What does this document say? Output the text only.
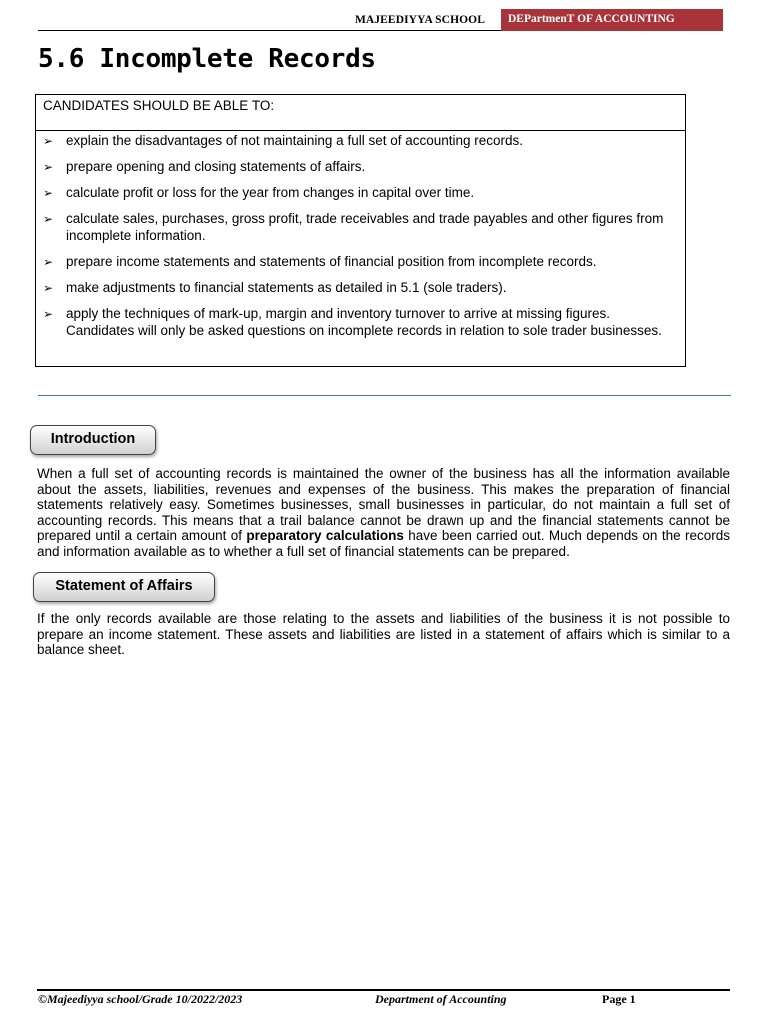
MAJEEDIYYA SCHOOL	DEPartmenT OF ACCOUNTING
5.6 Incomplete Records
CANDIDATES SHOULD BE ABLE TO:
➢ explain the disadvantages of not maintaining a full set of accounting records.
➢ prepare opening and closing statements of affairs.
➢ calculate profit or loss for the year from changes in capital over time.
➢ calculate sales, purchases, gross profit, trade receivables and trade payables and other figures from incomplete information.
➢ prepare income statements and statements of financial position from incomplete records.
➢ make adjustments to financial statements as detailed in 5.1 (sole traders).
➢ apply the techniques of mark-up, margin and inventory turnover to arrive at missing figures. Candidates will only be asked questions on incomplete records in relation to sole trader businesses.
Introduction

When a full set of accounting records is maintained the owner of the business has all the information available about the assets, liabilities, revenues and expenses of the business. This makes the preparation of financial statements relatively easy. Sometimes businesses, small businesses in particular, do not maintain a full set of accounting records. This means that a trail balance cannot be drawn up and the financial statements cannot be prepared until a certain amount of preparatory calculations have been carried out. Much depends on the records and information available as to whether a full set of financial statements can be prepared.

Statement of Affairs

If the only records available are those relating to the assets and liabilities of the business it is not possible to prepare an income statement. These assets and liabilities are listed in a statement of affairs which is similar to a balance sheet.

©Majeediyya school/Grade 10/2022/2023	Department of Accounting	Page 1
